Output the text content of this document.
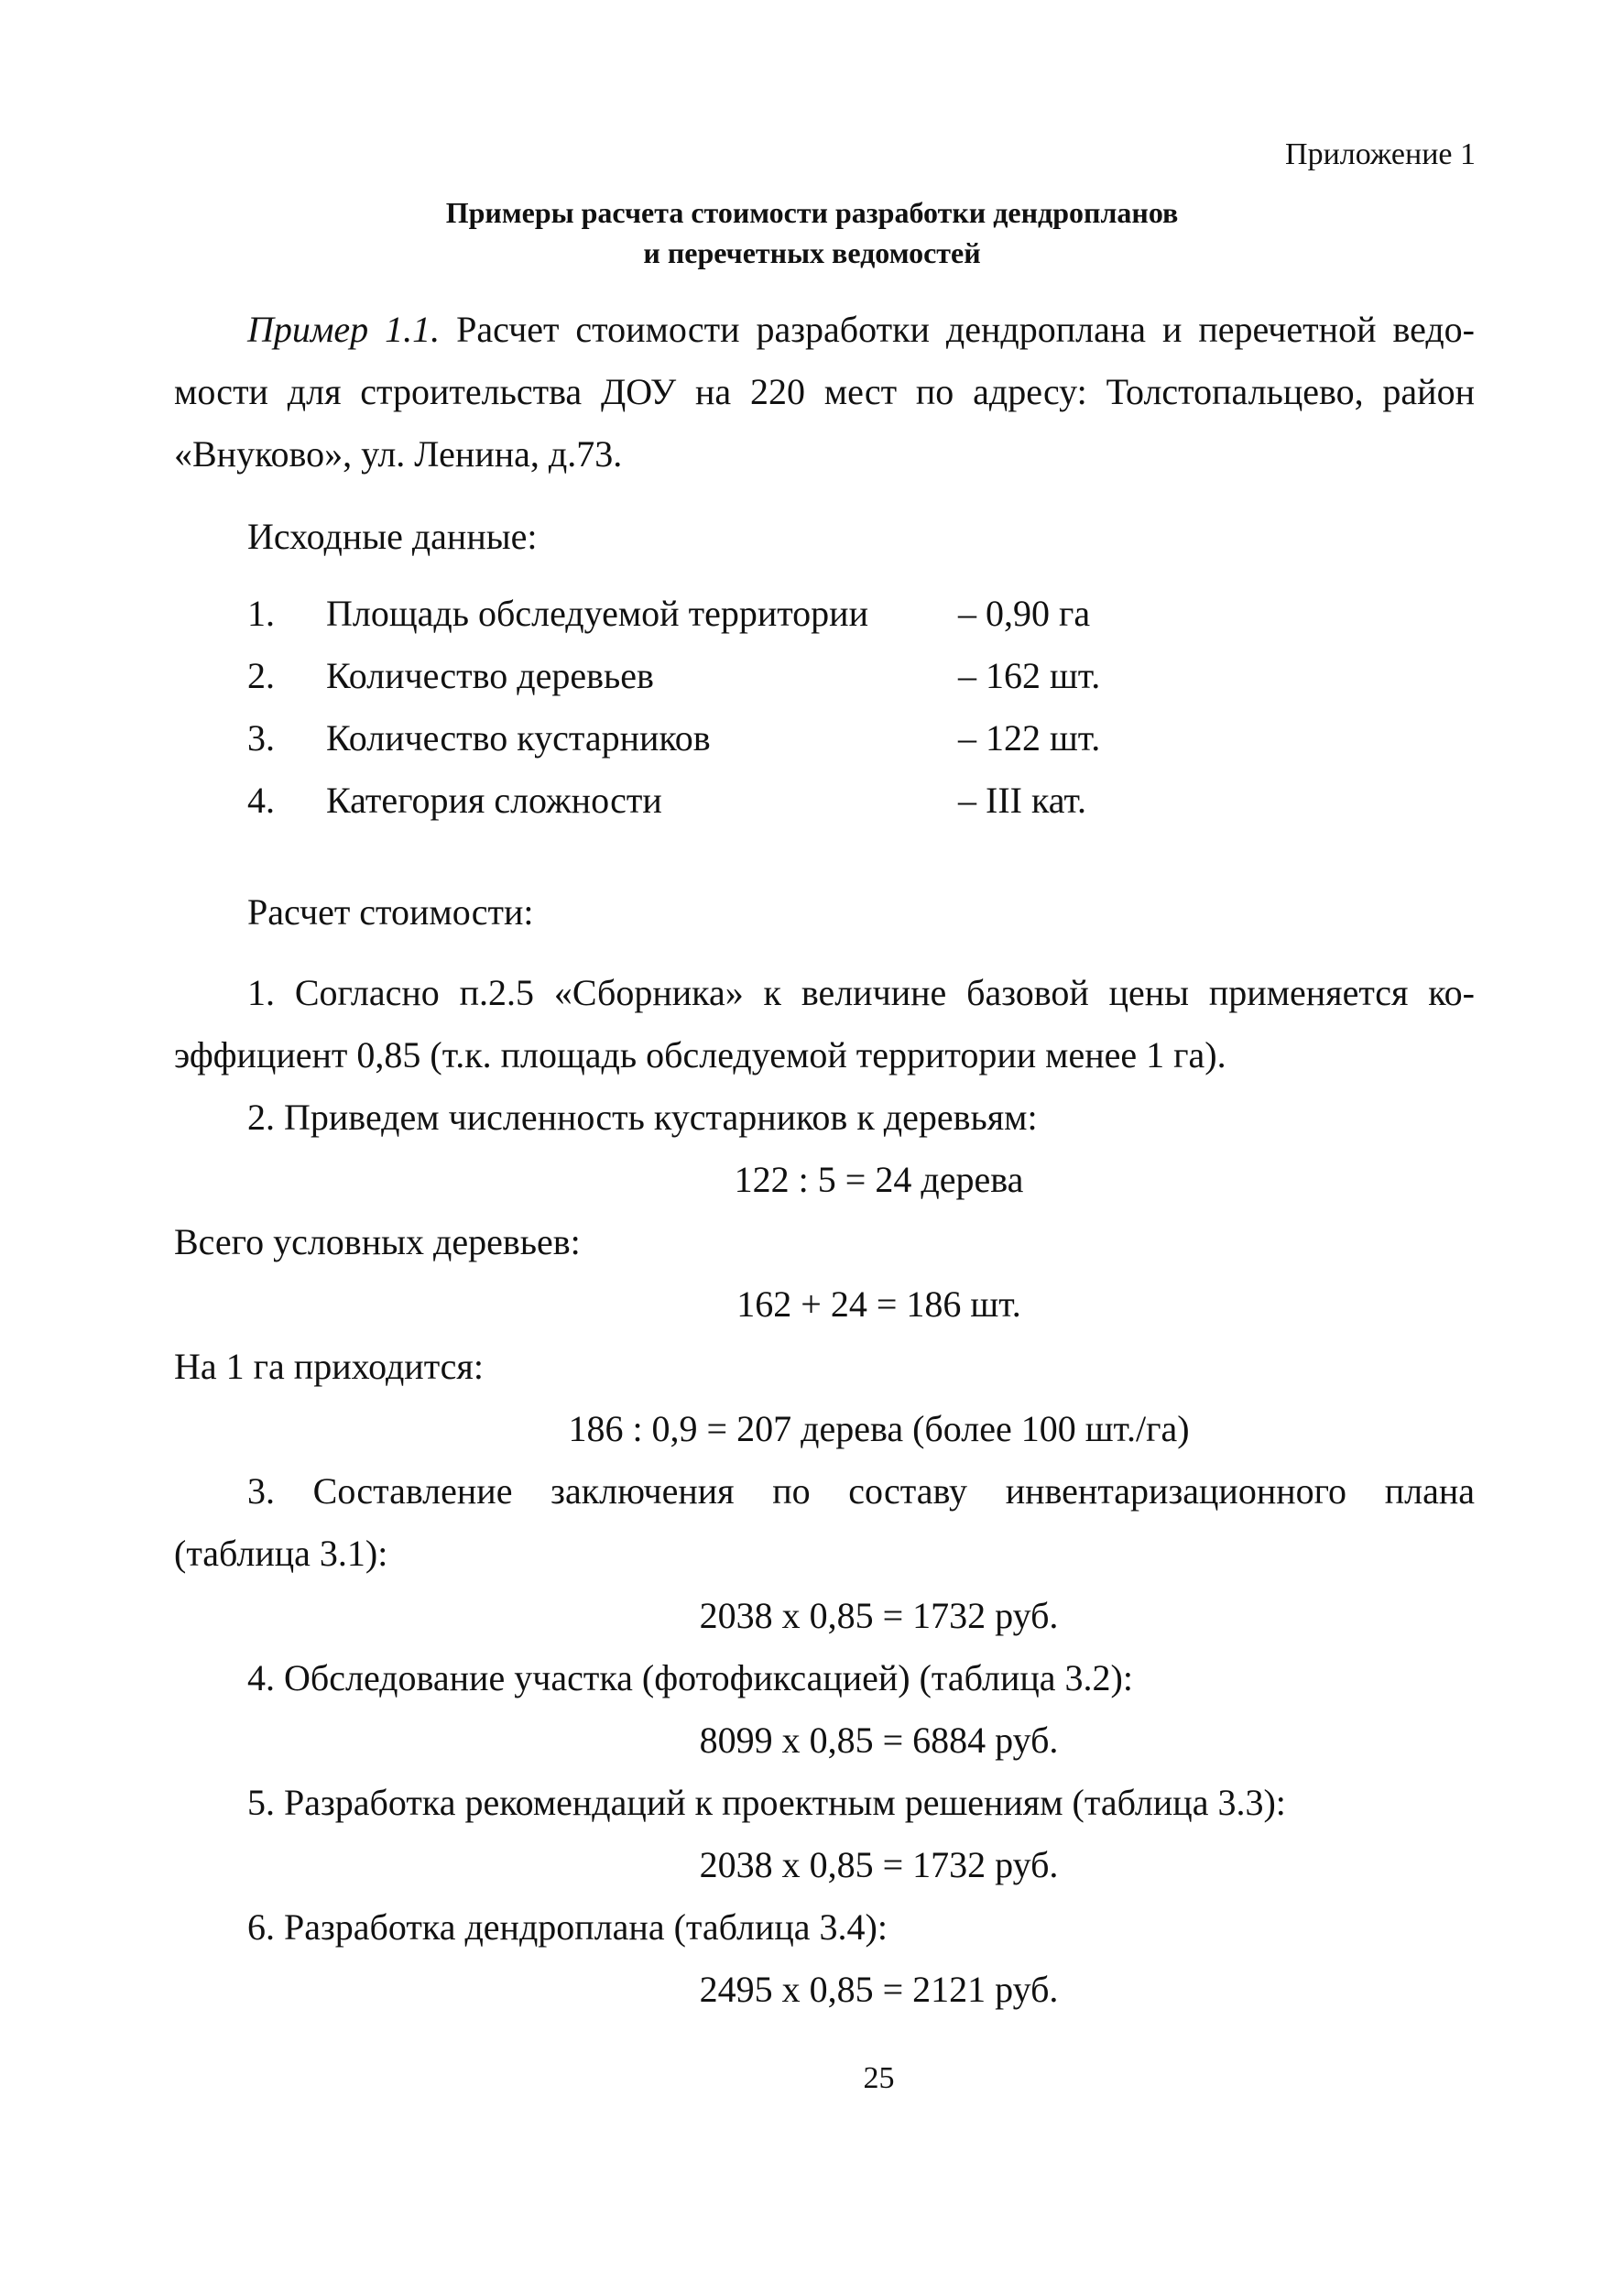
Приложение 1
Примеры расчета стоимости разработки дендропланов
и перечетных ведомостей
Пример 1.1. Расчет стоимости разработки дендроплана и перечетной ведо-
мости для строительства ДОУ на 220 мест по адресу: Толстопальцево, район
«Внуково», ул. Ленина, д.73.
Исходные данные:
1.	Площадь обследуемой территории – 0,90 га
2.	Количество деревьев	– 162 шт.
3.	Количество кустарников	– 122 шт.
4.	Категория сложности	– III кат.
Расчет стоимости:
1. Согласно п.2.5 «Сборника» к величине базовой цены применяется ко-
эффициент 0,85 (т.к. площадь обследуемой территории менее 1 га).
2. Приведем численность кустарников к деревьям:
122 : 5 = 24 дерева
Всего условных деревьев:
162 + 24 = 186 шт.
На 1 га приходится:
186 : 0,9 = 207 дерева (более 100 шт./га)
3. Составление заключения по составу инвентаризационного плана
(таблица 3.1):
2038 х 0,85 = 1732 руб.
4. Обследование участка (фотофиксацией) (таблица 3.2):
8099 х 0,85 = 6884 руб.
5. Разработка рекомендаций к проектным решениям (таблица 3.3):
2038 х 0,85 = 1732 руб.
6. Разработка дендроплана (таблица 3.4):
2495 х 0,85 = 2121 руб.
25
